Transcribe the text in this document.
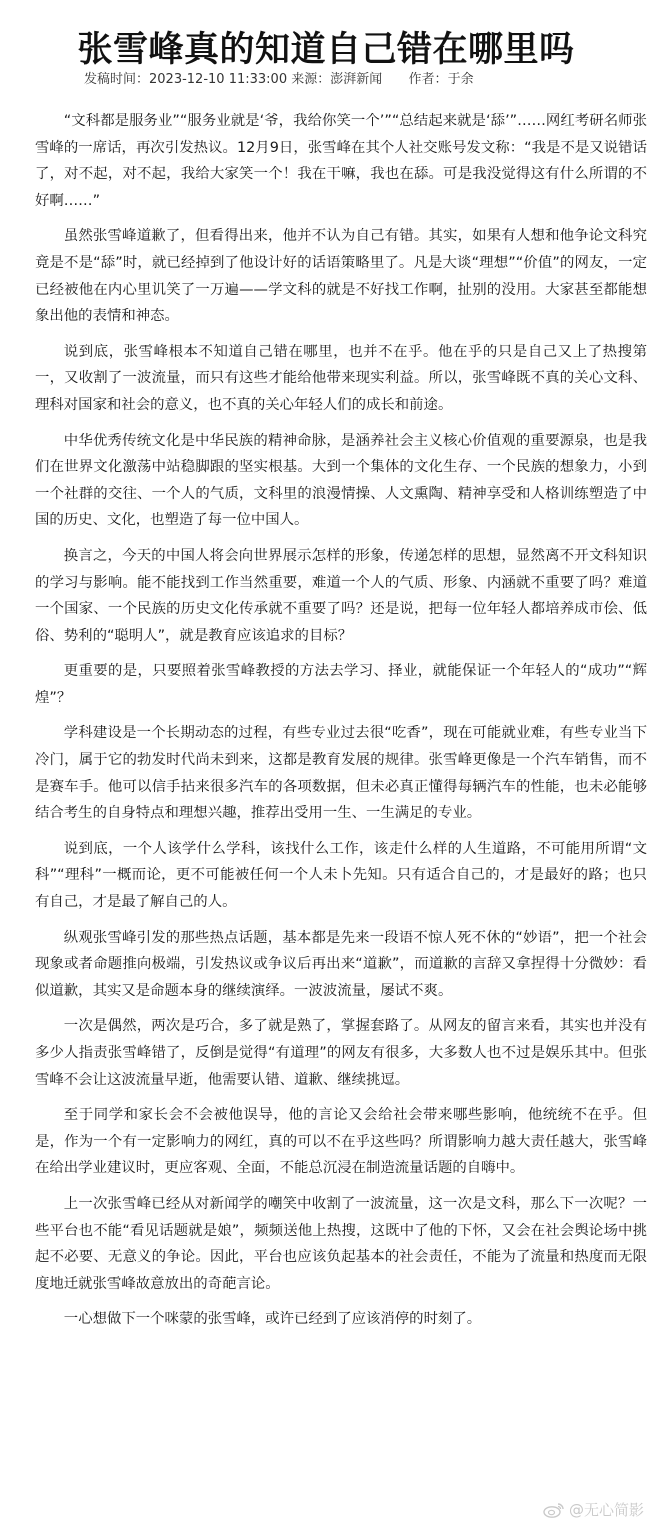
张雪峰真的知道自己错在哪里吗
发稿时间：2023-12-10 11:33:00 来源：澎湃新闻 作者：于余

“文科都是服务业”“服务业就是‘爷，我给你笑一个’”“总结起来就是‘舔’”……网红考研名师张雪峰的一席话，再次引发热议。12月9日，张雪峰在其个人社交账号发文称：“我是不是又说错话了，对不起，对不起，我给大家笑一个！我在干嘛，我也在舔。可是我没觉得这有什么所谓的不好啊……”

虽然张雪峰道歉了，但看得出来，他并不认为自己有错。其实，如果有人想和他争论文科究竟是不是“舔”时，就已经掉到了他设计好的话语策略里了。凡是大谈“理想”“价值”的网友，一定已经被他在内心里讥笑了一万遍——学文科的就是不好找工作啊，扯别的没用。大家甚至都能想象出他的表情和神态。

说到底，张雪峰根本不知道自己错在哪里，也并不在乎。他在乎的只是自己又上了热搜第一，又收割了一波流量，而只有这些才能给他带来现实利益。所以，张雪峰既不真的关心文科、理科对国家和社会的意义，也不真的关心年轻人们的成长和前途。

中华优秀传统文化是中华民族的精神命脉，是涵养社会主义核心价值观的重要源泉，也是我们在世界文化激荡中站稳脚跟的坚实根基。大到一个集体的文化生存、一个民族的想象力，小到一个社群的交往、一个人的气质，文科里的浪漫情操、人文熏陶、精神享受和人格训练塑造了中国的历史、文化，也塑造了每一位中国人。

换言之，今天的中国人将会向世界展示怎样的形象，传递怎样的思想，显然离不开文科知识的学习与影响。能不能找到工作当然重要，难道一个人的气质、形象、内涵就不重要了吗？难道一个国家、一个民族的历史文化传承就不重要了吗？还是说，把每一位年轻人都培养成市侩、低俗、势利的“聪明人”，就是教育应该追求的目标？

更重要的是，只要照着张雪峰教授的方法去学习、择业，就能保证一个年轻人的“成功”“辉煌”？

学科建设是一个长期动态的过程，有些专业过去很“吃香”，现在可能就业难，有些专业当下冷门，属于它的勃发时代尚未到来，这都是教育发展的规律。张雪峰更像是一个汽车销售，而不是赛车手。他可以信手拈来很多汽车的各项数据，但未必真正懂得每辆汽车的性能，也未必能够结合考生的自身特点和理想兴趣，推荐出受用一生、一生满足的专业。

说到底，一个人该学什么学科，该找什么工作，该走什么样的人生道路，不可能用所谓“文科”“理科”一概而论，更不可能被任何一个人未卜先知。只有适合自己的，才是最好的路；也只有自己，才是最了解自己的人。

纵观张雪峰引发的那些热点话题，基本都是先来一段语不惊人死不休的“妙语”，把一个社会现象或者命题推向极端，引发热议或争议后再出来“道歉”，而道歉的言辞又拿捏得十分微妙：看似道歉，其实又是命题本身的继续演绎。一波波流量，屡试不爽。

一次是偶然，两次是巧合，多了就是熟了，掌握套路了。从网友的留言来看，其实也并没有多少人指责张雪峰错了，反倒是觉得“有道理”的网友有很多，大多数人也不过是娱乐其中。但张雪峰不会让这波流量早逝，他需要认错、道歉、继续挑逗。

至于同学和家长会不会被他误导，他的言论又会给社会带来哪些影响，他统统不在乎。但是，作为一个有一定影响力的网红，真的可以不在乎这些吗？所谓影响力越大责任越大，张雪峰在给出学业建议时，更应客观、全面，不能总沉浸在制造流量话题的自嗨中。

上一次张雪峰已经从对新闻学的嘲笑中收割了一波流量，这一次是文科，那么下一次呢？一些平台也不能“看见话题就是娘”，频频送他上热搜，这既中了他的下怀，又会在社会舆论场中挑起不必要、无意义的争论。因此，平台也应该负起基本的社会责任，不能为了流量和热度而无限度地迁就张雪峰故意放出的奇葩言论。

一心想做下一个咪蒙的张雪峰，或许已经到了应该消停的时刻了。

@无心简影
